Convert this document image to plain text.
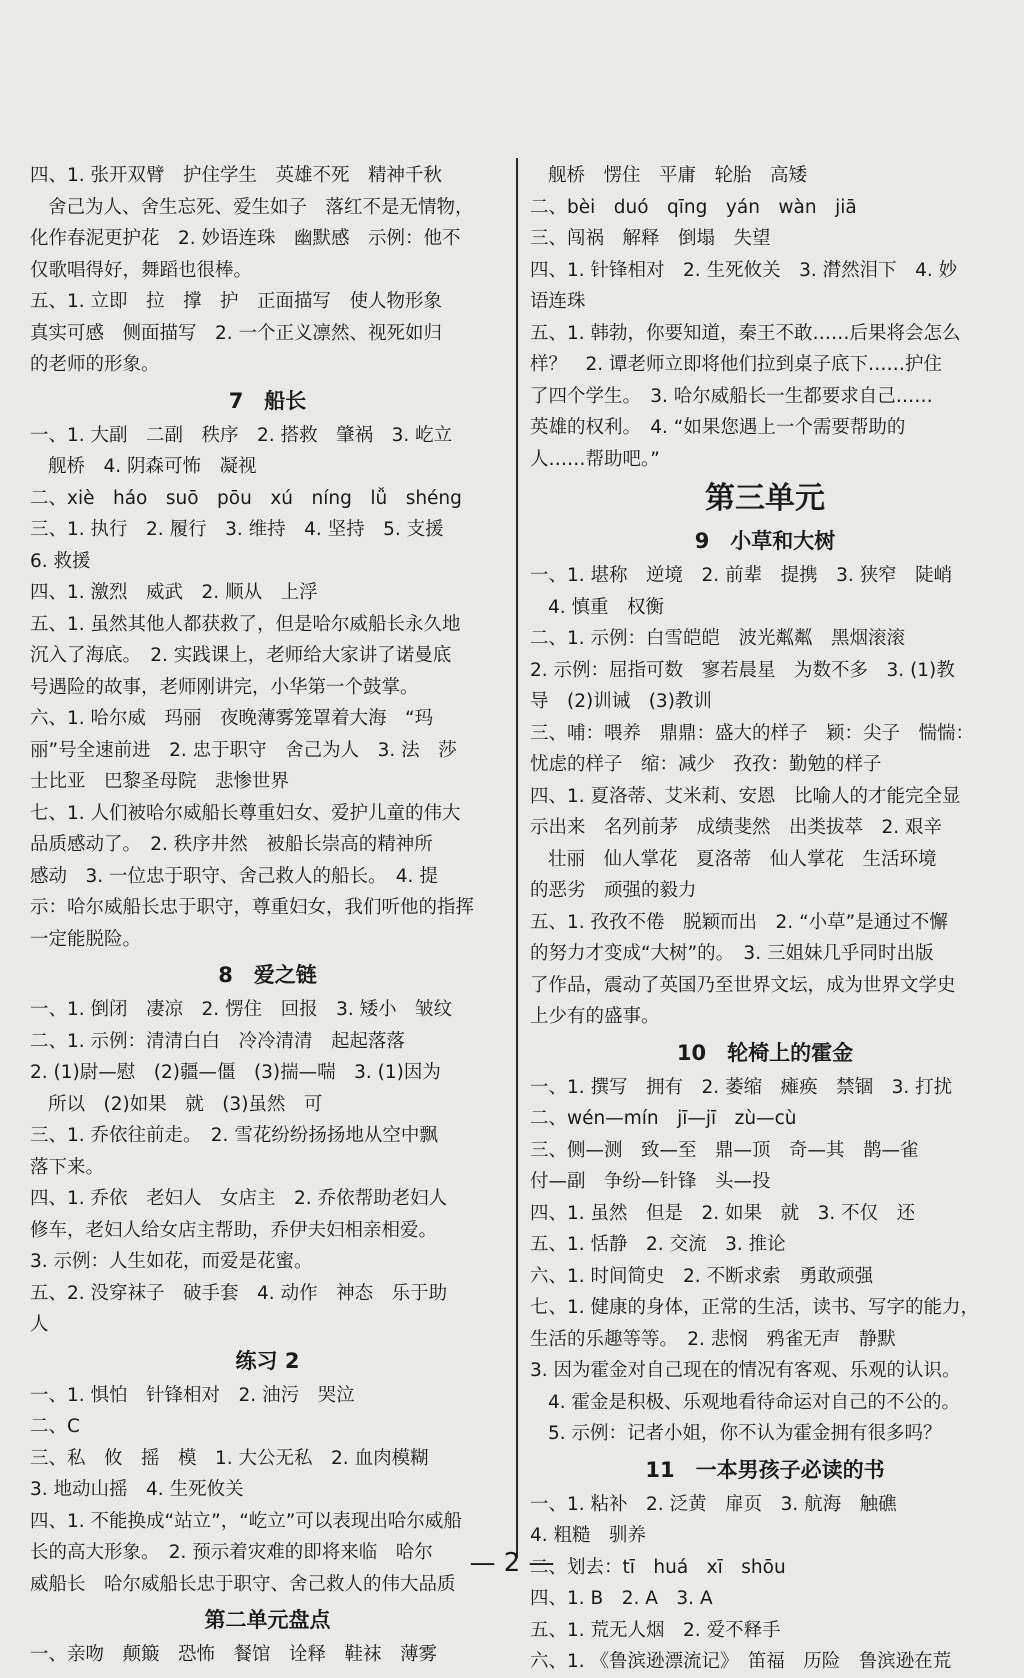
四、1. 张开双臂　护住学生　英雄不死　精神千秋
舍己为人、舍生忘死、爱生如子　落红不是无情物，
化作春泥更护花　2. 妙语连珠　幽默感　示例：他不
仅歌唱得好，舞蹈也很棒。
五、1. 立即　拉　撑　护　正面描写　使人物形象
真实可感　侧面描写　2. 一个正义凛然、视死如归
的老师的形象。
7　船长
一、1. 大副　二副　秩序　2. 搭救　肇祸　3. 屹立
舰桥　4. 阴森可怖　凝视
二、xiè　háo　suō　pōu　xú　níng　lǚ　shéng
三、1. 执行　2. 履行　3. 维持　4. 坚持　5. 支援
6. 救援
四、1. 激烈　威武　2. 顺从　上浮
五、1. 虽然其他人都获救了，但是哈尔威船长永久地
沉入了海底。　2. 实践课上，老师给大家讲了诺曼底
号遇险的故事，老师刚讲完，小华第一个鼓掌。
六、1. 哈尔威　玛丽　夜晚薄雾笼罩着大海　“玛
丽”号全速前进　2. 忠于职守　舍己为人　3. 法　莎
士比亚　巴黎圣母院　悲惨世界
七、1. 人们被哈尔威船长尊重妇女、爱护儿童的伟大
品质感动了。　2. 秩序井然　被船长崇高的精神所
感动　3. 一位忠于职守、舍己救人的船长。　4. 提
示：哈尔威船长忠于职守，尊重妇女，我们听他的指挥
一定能脱险。
8　爱之链
一、1. 倒闭　凄凉　2. 愣住　回报　3. 矮小　皱纹
二、1. 示例：清清白白　冷冷清清　起起落落
2. (1)尉—慰　(2)疆—僵　(3)揣—喘　3. (1)因为
所以　(2)如果　就　(3)虽然　可
三、1. 乔依往前走。　2. 雪花纷纷扬扬地从空中飘
落下来。
四、1. 乔依　老妇人　女店主　2. 乔依帮助老妇人
修车，老妇人给女店主帮助，乔伊夫妇相亲相爱。
3. 示例：人生如花，而爱是花蜜。
五、2. 没穿袜子　破手套　4. 动作　神态　乐于助
人
练习 2
一、1. 惧怕　针锋相对　2. 油污　哭泣
二、C
三、私　攸　摇　模　1. 大公无私　2. 血肉模糊
3. 地动山摇　4. 生死攸关
四、1. 不能换成“站立”，“屹立”可以表现出哈尔威船
长的高大形象。　2. 预示着灾难的即将来临　哈尔
威船长　哈尔威船长忠于职守、舍己救人的伟大品质
第二单元盘点
一、亲吻　颠簸　恐怖　餐馆　诠释　鞋袜　薄雾
舰桥　愣住　平庸　轮胎　高矮
二、bèi　duó　qīng　yán　wàn　jiā
三、闯祸　解释　倒塌　失望
四、1. 针锋相对　2. 生死攸关　3. 潸然泪下　4. 妙
语连珠
五、1. 韩勃，你要知道，秦王不敢……后果将会怎么
样？　2. 谭老师立即将他们拉到桌子底下……护住
了四个学生。　3. 哈尔威船长一生都要求自己……
英雄的权利。　4. “如果您遇上一个需要帮助的
人……帮助吧。”
第三单元
9　小草和大树
一、1. 堪称　逆境　2. 前辈　提携　3. 狭窄　陡峭
4. 慎重　权衡
二、1. 示例：白雪皑皑　波光粼粼　黑烟滚滚
2. 示例：屈指可数　寥若晨星　为数不多　3. (1)教
导　(2)训诫　(3)教训
三、哺：喂养　鼎鼎：盛大的样子　颖：尖子　惴惴：
忧虑的样子　缩：减少　孜孜：勤勉的样子
四、1. 夏洛蒂、艾米莉、安恩　比喻人的才能完全显
示出来　名列前茅　成绩斐然　出类拔萃　2. 艰辛
壮丽　仙人掌花　夏洛蒂　仙人掌花　生活环境
的恶劣　顽强的毅力
五、1. 孜孜不倦　脱颖而出　2. “小草”是通过不懈
的努力才变成“大树”的。　3. 三姐妹几乎同时出版
了作品，震动了英国乃至世界文坛，成为世界文学史
上少有的盛事。
10　轮椅上的霍金
一、1. 撰写　拥有　2. 萎缩　瘫痪　禁锢　3. 打扰
二、wén—mín　jī—jī　zù—cù
三、侧—测　致—至　鼎—顶　奇—其　鹊—雀
付—副　争纷—针锋　头—投
四、1. 虽然　但是　2. 如果　就　3. 不仅　还
五、1. 恬静　2. 交流　3. 推论
六、1. 时间简史　2. 不断求索　勇敢顽强
七、1. 健康的身体，正常的生活，读书、写字的能力，
生活的乐趣等等。　2. 悲悯　鸦雀无声　静默
3. 因为霍金对自己现在的情况有客观、乐观的认识。
4. 霍金是积极、乐观地看待命运对自己的不公的。
5. 示例：记者小姐，你不认为霍金拥有很多吗？
11　一本男孩子必读的书
一、1. 粘补　2. 泛黄　扉页　3. 航海　触礁
4. 粗糙　驯养
二、划去：tī　huá　xī　shōu
四、1. B　2. A　3. A
五、1. 荒无人烟　2. 爱不释手
六、1. 《鲁滨逊漂流记》　笛福　历险　鲁滨逊在荒
— 2 —
